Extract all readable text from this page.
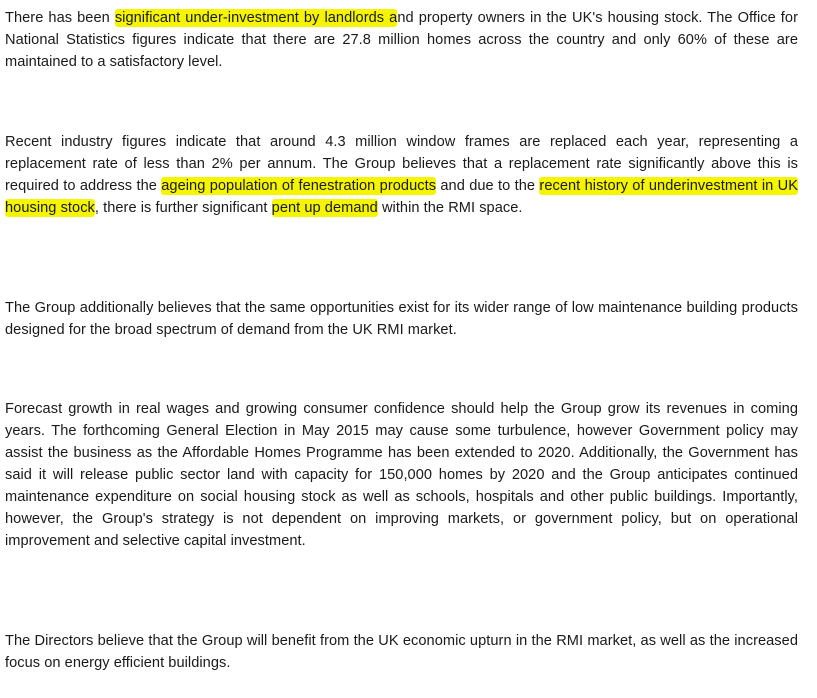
There has been significant under-investment by landlords and property owners in the UK's housing stock. The Office for National Statistics figures indicate that there are 27.8 million homes across the country and only 60% of these are maintained to a satisfactory level.

Recent industry figures indicate that around 4.3 million window frames are replaced each year, representing a replacement rate of less than 2% per annum. The Group believes that a replacement rate significantly above this is required to address the ageing population of fenestration products and due to the recent history of underinvestment in UK housing stock, there is further significant pent up demand within the RMI space.

The Group additionally believes that the same opportunities exist for its wider range of low maintenance building products designed for the broad spectrum of demand from the UK RMI market.

Forecast growth in real wages and growing consumer confidence should help the Group grow its revenues in coming years. The forthcoming General Election in May 2015 may cause some turbulence, however Government policy may assist the business as the Affordable Homes Programme has been extended to 2020. Additionally, the Government has said it will release public sector land with capacity for 150,000 homes by 2020 and the Group anticipates continued maintenance expenditure on social housing stock as well as schools, hospitals and other public buildings. Importantly, however, the Group's strategy is not dependent on improving markets, or government policy, but on operational improvement and selective capital investment.

The Directors believe that the Group will benefit from the UK economic upturn in the RMI market, as well as the increased focus on energy efficient buildings.
